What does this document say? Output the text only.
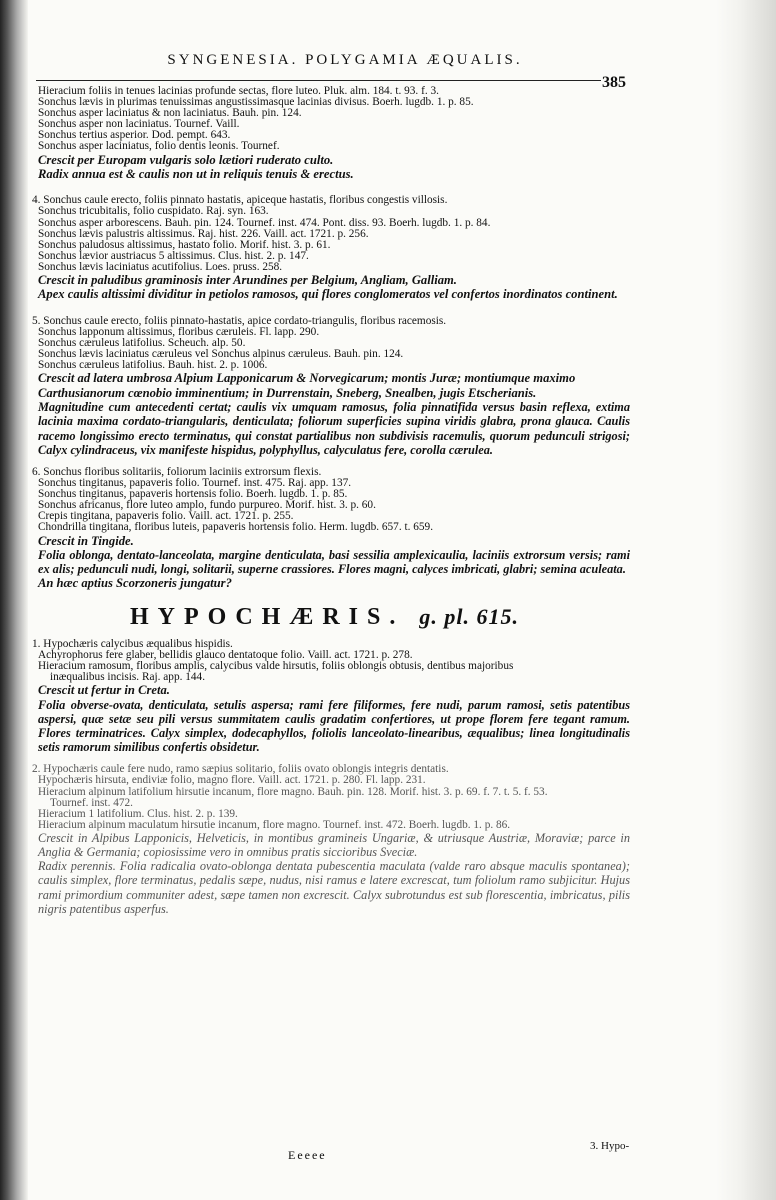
SYNGENESIA. POLYGAMIA ÆQUALIS.
385
Hieracium foliis in tenues lacinias profunde sectas, flore luteo. Pluk. alm. 184. t. 93. f. 3.
Sonchus lævis in plurimas tenuissimas angustissimasque lacinias divisus. Boerh. lugdb. 1. p. 85.
Sonchus asper laciniatus & non laciniatus. Bauh. pin. 124.
Sonchus asper non laciniatus. Tournef. Vaill.
Sonchus tertius asperior. Dod. pempt. 643.
Sonchus asper laciniatus, folio dentis leonis. Tournef.
Crescit per Europam vulgaris solo lætiori ruderato culto.
Radix annua est & caulis non ut in reliquis tenuis & erectus.
4. Sonchus caule erecto, foliis pinnato hastatis, apiceque hastatis, floribus congestis villosis.
Sonchus tricubitalis, folio cuspidato. Raj. syn. 163.
Sonchus asper arborescens. Bauh. pin. 124. Tournef. inst. 474. Pont. diss. 93. Boerh. lugdb. 1. p. 84.
Sonchus lævis palustris altissimus. Raj. hist. 226. Vaill. act. 1721. p. 256.
Sonchus paludosus altissimus, hastato folio. Morif. hist. 3. p. 61.
Sonchus lævior austriacus 5 altissimus. Clus. hist. 2. p. 147.
Sonchus lævis laciniatus acutifolius. Loes. pruss. 258.
Crescit in paludibus graminosis inter Arundines per Belgium, Angliam, Galliam.
Apex caulis altissimi dividitur in petiolos ramosos, qui flores conglomeratos vel confertos inordinatos continent.
5. Sonchus caule erecto, foliis pinnato-hastatis, apice cordato-triangulis, floribus racemosis.
Sonchus lapponum altissimus, floribus cæruleis. Fl. lapp. 290.
Sonchus cæruleus latifolius. Scheuch. alp. 50.
Sonchus lævis laciniatus cæruleus vel Sonchus alpinus cæruleus. Bauh. pin. 124.
Sonchus cæruleus latifolius. Bauh. hist. 2. p. 1006.
Crescit ad latera umbrosa Alpium Lapponicarum & Norvegicarum; montis Juræ; montiumque maximo Carthusianorum cœnobio imminentium; in Durrenstain, Sneberg, Snealben, jugis Etscherianis.
Magnitudine cum antecedenti certat; caulis vix umquam ramosus, folia pinnatifida versus basin reflexa, extima lacinia maxima cordato-triangularis, denticulata; foliorum superficies supina viridis glabra, prona glauca. Caulis racemo longissimo erecto terminatus, qui constat partialibus non subdivisis racemulis, quorum pedunculi strigosi; Calyx cylindraceus, vix manifeste hispidus, polyphyllus, calyculatus fere, corolla cærulea.
6. Sonchus floribus solitariis, foliorum laciniis extrorsum flexis.
Sonchus tingitanus, papaveris folio. Tournef. inst. 475. Raj. app. 137.
Sonchus tingitanus, papaveris hortensis folio. Boerh. lugdb. 1. p. 85.
Sonchus africanus, flore luteo amplo, fundo purpureo. Morif. hist. 3. p. 60.
Crepis tingitana, papaveris folio. Vaill. act. 1721. p. 255.
Chondrilla tingitana, floribus luteis, papaveris hortensis folio. Herm. lugdb. 657. t. 659.
Crescit in Tingide.
Folia oblonga, dentato-lanceolata, margine denticulata, basi sessilia amplexicaulia, laciniis extrorsum versis; rami ex alis; pedunculi nudi, longi, solitarii, superne crassiores. Flores magni, calyces imbricati, glabri; semina aculeata.
An hæc aptius Scorzoneris jungatur?
HYPOCHÆRIS. g. pl. 615.
1. Hypochæris calycibus æqualibus hispidis.
Achyrophorus fere glaber, bellidis glauco dentatoque folio. Vaill. act. 1721. p. 278.
Hieracium ramosum, floribus amplis, calycibus valde hirsutis, foliis oblongis obtusis, dentibus majoribus
inæqualibus incisis. Raj. app. 144.
Crescit ut fertur in Creta.
Folia obverse-ovata, denticulata, setulis aspersa; rami fere filiformes, fere nudi, parum ramosi, setis patentibus aspersi, quæ setæ seu pili versus summitatem caulis gradatim confertiores, ut prope florem fere tegant ramum. Flores terminatrices. Calyx simplex, dodecaphyllos, foliolis lanceolato-linearibus, æqualibus; linea longitudinalis setis ramorum similibus confertis obsidetur.
2. Hypochæris caule fere nudo, ramo sæpius solitario, foliis ovato oblongis integris dentatis.
Hypochæris hirsuta, endiviæ folio, magno flore. Vaill. act. 1721. p. 280. Fl. lapp. 231.
Hieracium alpinum latifolium hirsutie incanum, flore magno. Bauh. pin. 128. Morif. hist. 3. p. 69. f. 7. t. 5. f. 53.
Tournef. inst. 472.
Hieracium 1 latifolium. Clus. hist. 2. p. 139.
Hieracium alpinum maculatum hirsutie incanum, flore magno. Tournef. inst. 472. Boerh. lugdb. 1. p. 86.
Crescit in Alpibus Lapponicis, Helveticis, in montibus gramineis Ungariæ, & utriusque Austriæ, Moraviæ; parce in Anglia & Germania; copiosissime vero in omnibus pratis siccioribus Sveciæ.
Radix perennis. Folia radicalia ovato-oblonga dentata pubescentia maculata (valde raro absque maculis spontanea); caulis simplex, flore terminatus, pedalis sæpe, nudus, nisi ramus e latere excrescat, tum foliolum ramo subjicitur. Hujus rami primordium communiter adest, sæpe tamen non excrescit. Calyx subrotundus est sub florescentia, imbricatus, pilis nigris patentibus asperfus.
Eeeee
3. Hypo-
